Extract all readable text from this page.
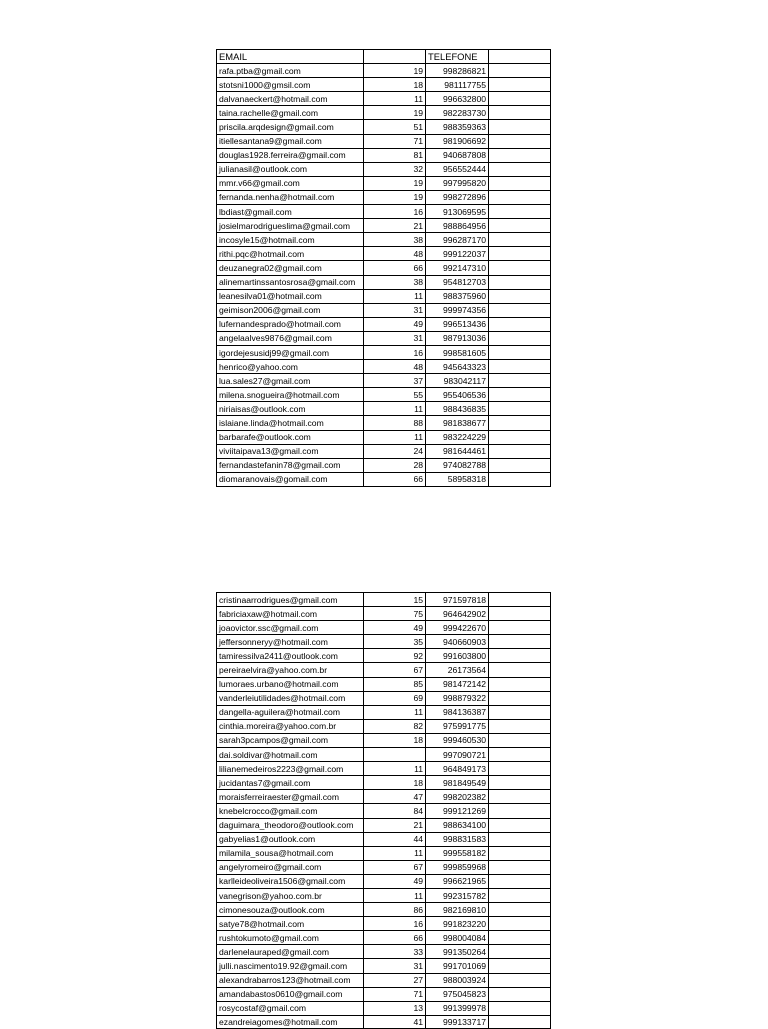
EMAIL		TELEFONE	
rafa.ptba@gmail.com	19	998286821	
stotsni1000@gmsil.com	18	981117755	
dalvanaeckert@hotmail.com	11	996632800	
taina.rachelle@gmail.com	19	982283730	
priscila.arqdesign@gmail.com	51	988359363	
itiellesantana9@gmail.com	71	981906692	
douglas1928.ferreira@gmail.com	81	940687808	
julianasil@outlook.com	32	956552444	
mmr.v66@gmail.com	19	997995820	
fernanda.nenha@hotmail.com	19	998272896	
lbdiast@gmail.com	16	913069595	
josielmarodrigueslima@gmail.com	21	988864956	
incosyle15@hotmail.com	38	996287170	
rithi.pqc@hotmail.com	48	999122037	
deuzanegra02@gmail.com	66	992147310	
alinemartinssantosrosa@gmail.com	38	954812703	
leanesilva01@hotmail.com	11	988375960	
geimison2006@gmail.com	31	999974356	
lufernandesprado@hotmail.com	49	996513436	
angelaalves9876@gmail.com	31	987913036	
igordejesusidj99@gmail.com	16	998581605	
henrico@yahoo.com	48	945643323	
lua.sales27@gmail.com	37	983042117	
milena.snogueira@hotmail.com	55	955406536	
niriaisas@outlook.com	11	988436835	
islaiane.linda@hotmail.com	88	981838677	
barbarafe@outlook.com	11	983224229	
viviitaipava13@gmail.com	24	981644461	
fernandastefanin78@gmail.com	28	974082788	
diomaranovais@gomail.com	66	58958318	
cristinaarrodrigues@gmail.com	15	971597818	
fabriciaxaw@hotmail.com	75	964642902	
joaovictor.ssc@gmail.com	49	999422670	
jeffersonneryy@hotmail.com	35	940660903	
tamiressilva2411@outlook.com	92	991603800	
pereiraelvira@yahoo.com.br	67	26173564	
lumoraes.urbano@hotmail.com	85	981472142	
vanderleiutilidades@hotmail.com	69	998879322	
dangella-aguilera@hotmail.com	11	984136387	
cinthia.moreira@yahoo.com.br	82	975991775	
sarah3pcampos@gmail.com	18	999460530	
dai.soldivar@hotmail.com		997090721	
lilianemedeiros2223@gmail.com	11	964849173	
jucidantas7@gmail.com	18	981849549	
moraisferreiraester@gmail.com	47	998202382	
knebelcrocco@gmail.com	84	999121269	
daguimara_theodoro@outlook.com	21	988634100	
gabyelias1@outlook.com	44	998831583	
milamila_sousa@hotmail.com	11	999558182	
angelyromeiro@gmail.com	67	999859968	
karlleideoliveira1506@gmail.com	49	996621965	
vanegrison@yahoo.com.br	11	992315782	
cimonesouza@outlook.com	86	982169810	
satye78@hotmail.com	16	991823220	
rushtokumoto@gmail.com	66	998004084	
darlenelauraped@gmail.com	33	991350264	
julli.nascimento19.92@gmail.com	31	991701069	
alexandrabarros123@hotmail.com	27	988003924	
amandabastos0610@gmail.com	71	975045823	
rosycostaf@gmail.com	13	991399978	
ezandreiagomes@hotmail.com	41	999133717	
